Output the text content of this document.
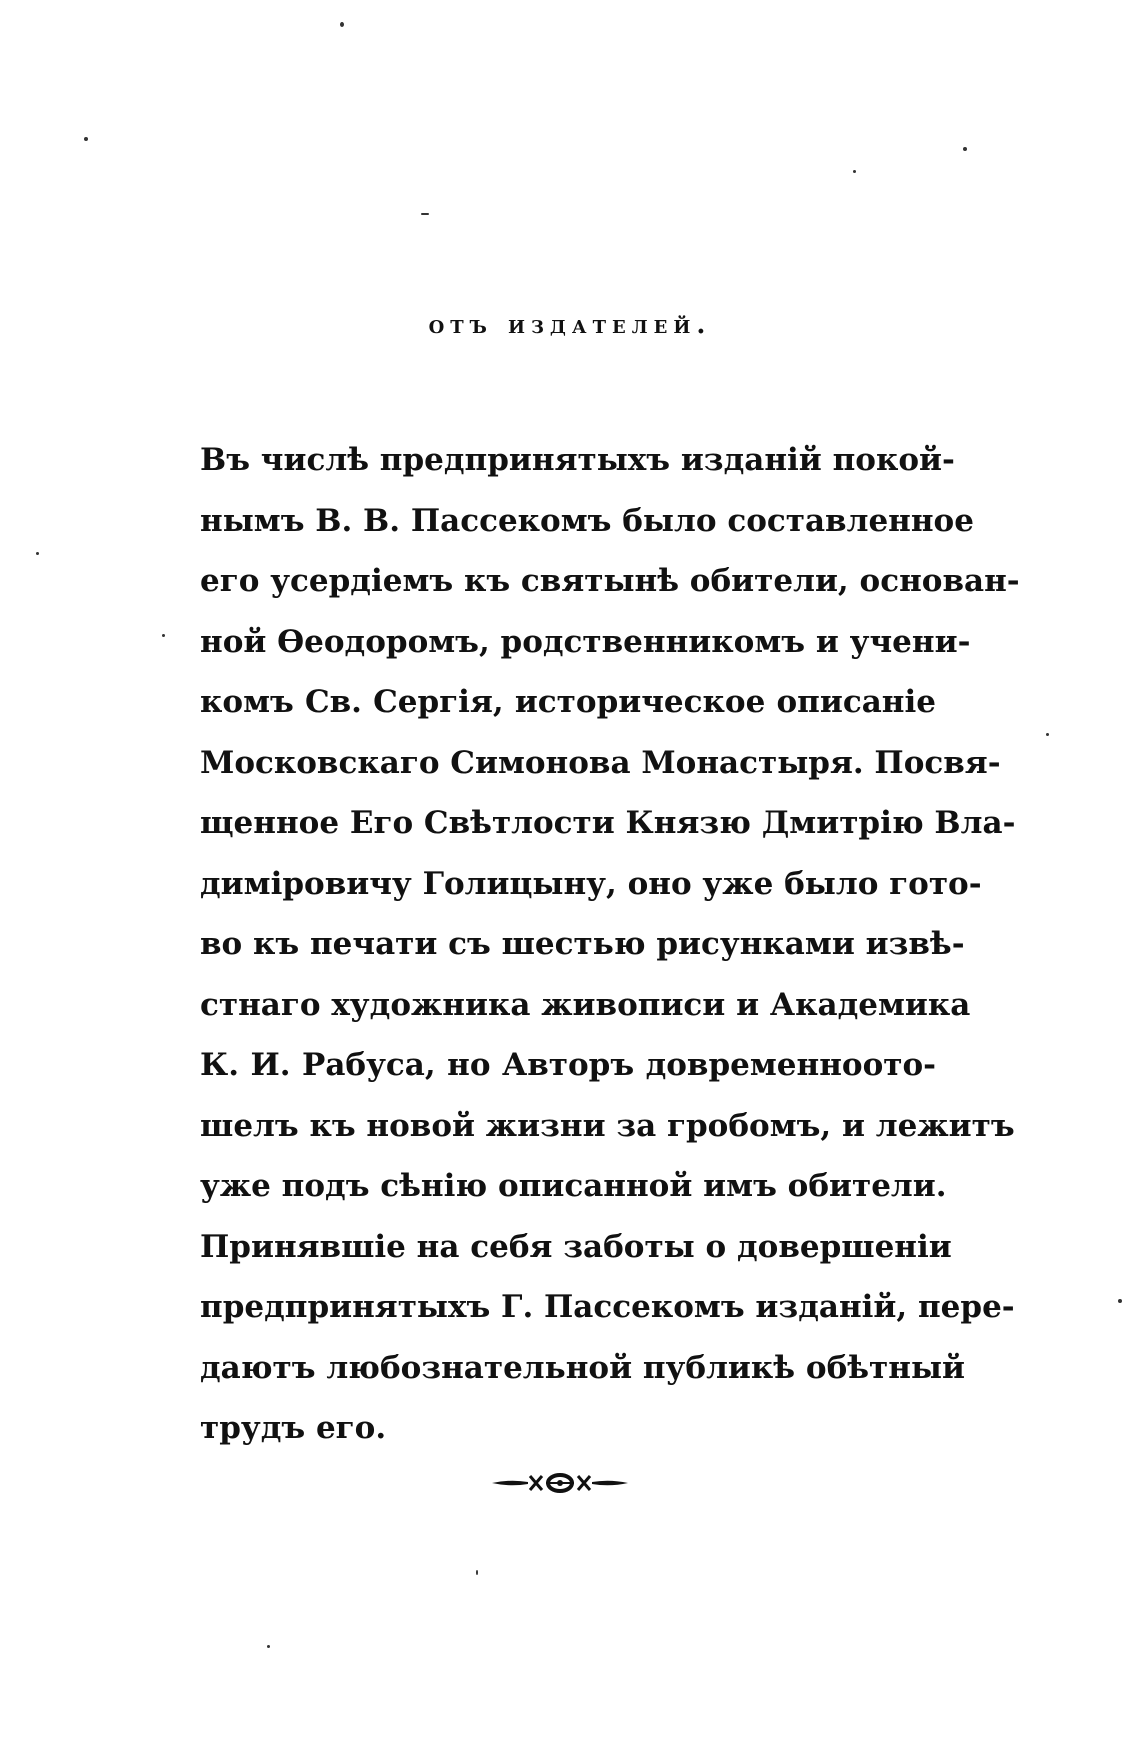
отъ издателей.
Въ числѣ предпринятыхъ изданій покой-
нымъ В. В. Пассекомъ было составленное
его усердіемъ къ святынѣ обители, основан-
ной Өеодоромъ, родственникомъ и учени-
комъ Св. Сергія, историческое описаніе
Московскаго Симонова Монастыря. Посвя-
щенное Его Свѣтлости Князю Дмитрію Вла-
диміровичу Голицыну, оно уже было гото-
во къ печати съ шестью рисунками извѣ-
стнаго художника живописи и Академика
К. И. Рабуса, но Авторъ довременноото-
шелъ къ новой жизни за гробомъ, и лежитъ
уже подъ сѣнію описанной имъ обители.
Принявшіе на себя заботы о довершеніи
предпринятыхъ Г. Пассекомъ изданій, пере-
даютъ любознательной публикѣ обѣтный
трудъ его.
